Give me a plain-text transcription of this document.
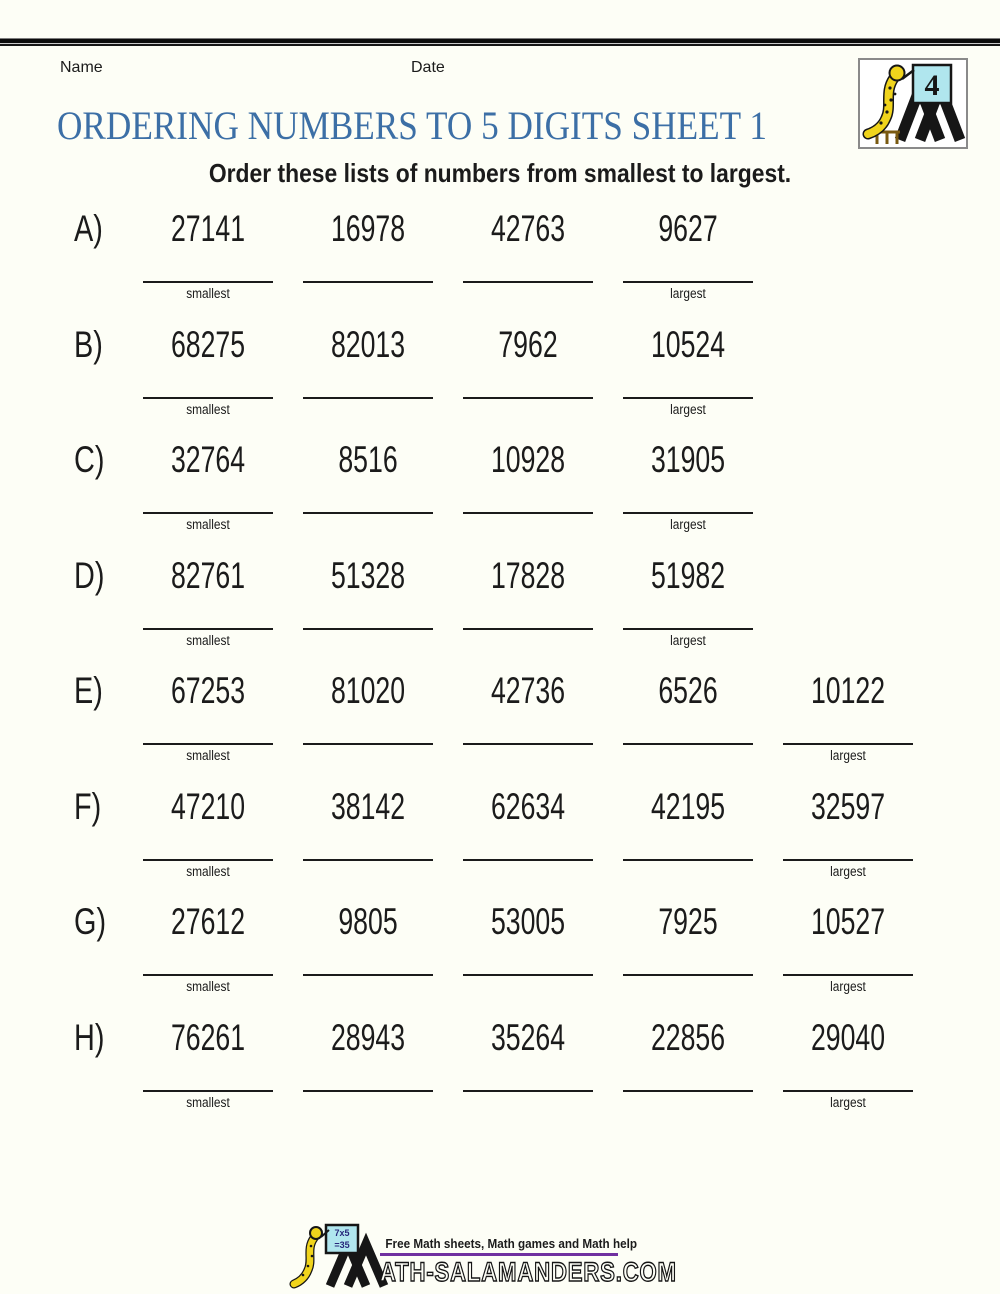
Name	Date
4
ORDERING NUMBERS TO 5 DIGITS SHEET 1
Order these lists of numbers from smallest to largest.
A)	27141
smallest
16978	42763	9627
largest
B)	68275
smallest
82013	7962	10524
largest
C)	32764
smallest
8516	10928	31905
largest
D)	82761
smallest
51328	17828	51982
largest
E)	67253
smallest
81020	42736	6526	10122
largest
F)	47210
smallest
38142	62634	42195	32597
largest
G)	27612
smallest
9805	53005	7925	10527
largest
H)	76261
smallest
28943	35264	22856	29040
largest
7x5
=35	Free Math sheets, Math games and Math help
ATH-SALAMANDERS.COM
